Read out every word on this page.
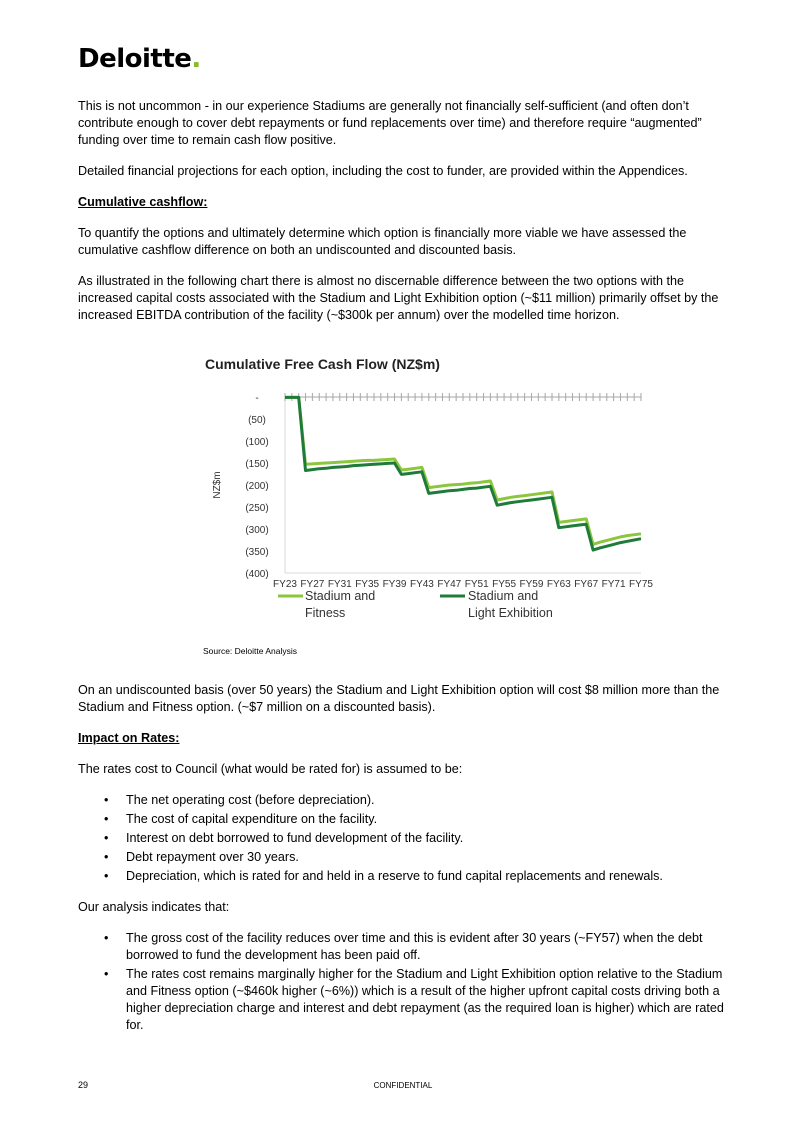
Deloitte.

This is not uncommon - in our experience Stadiums are generally not financially self-sufficient (and often don’t contribute enough to cover debt repayments or fund replacements over time) and therefore require “augmented” funding over time to remain cash flow positive.

Detailed financial projections for each option, including the cost to funder, are provided within the Appendices.

Cumulative cashflow:

To quantify the options and ultimately determine which option is financially more viable we have assessed the cumulative cashflow difference on both an undiscounted and discounted basis.

As illustrated in the following chart there is almost no discernable difference between the two options with the increased capital costs associated with the Stadium and Light Exhibition option (~$11 million) primarily offset by the increased EBITDA contribution of the facility (~$300k per annum) over the modelled time horizon.

Cumulative Free Cash Flow (NZ$m)
NZ$m
-
(50)
(100)
(150)
(200)
(250)
(300)
(350)
(400)
FY23 FY27 FY31 FY35 FY39 FY43 FY47 FY51 FY55 FY59 FY63 FY67 FY71 FY75
Stadium and Fitness
Stadium and Light Exhibition
Source: Deloitte Analysis

On an undiscounted basis (over 50 years) the Stadium and Light Exhibition option will cost $8 million more than the Stadium and Fitness option. (~$7 million on a discounted basis).

Impact on Rates:

The rates cost to Council (what would be rated for) is assumed to be:

• The net operating cost (before depreciation).
• The cost of capital expenditure on the facility.
• Interest on debt borrowed to fund development of the facility.
• Debt repayment over 30 years.
• Depreciation, which is rated for and held in a reserve to fund capital replacements and renewals.

Our analysis indicates that:

• The gross cost of the facility reduces over time and this is evident after 30 years (~FY57) when the debt borrowed to fund the development has been paid off.
• The rates cost remains marginally higher for the Stadium and Light Exhibition option relative to the Stadium and Fitness option (~$460k higher (~6%)) which is a result of the higher upfront capital costs driving both a higher depreciation charge and interest and debt repayment (as the required loan is higher) which are rated for.
29	CONFIDENTIAL
